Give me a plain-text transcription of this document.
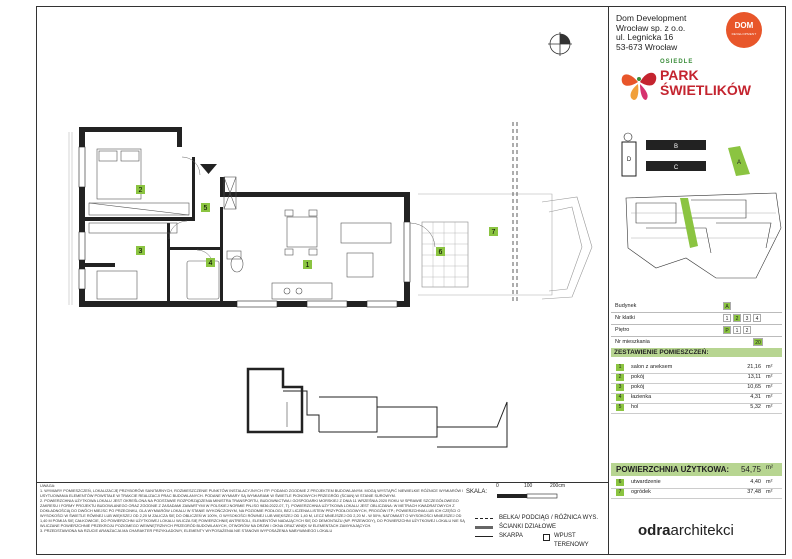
2
3
5
4	1
6
7
Dom Development
Wrocław sp. z o.o.
ul. Legnicka 16
53-673 Wrocław
DOM
DEVELOPMENT
OSIEDLE
PARK
ŚWIETLIKÓW
B
C
D	A
Budynek	A
Nr klatki	1	2	3	4
Piętro	P	1	2
Nr mieszkania	20
ZESTAWIENIE POMIESZCZEŃ:
1	salon z aneksem	21,16 m²
2	pokój	13,11 m²
3	pokój	10,65 m²
4	łazienka	4,31 m²
5	hol	5,32 m²
POWIERZCHNIA UŻYTKOWA:	54,75 m²
6	utwardzenie	4,40 m²
7	ogródek	37,48 m²

UWAGA:

1. WYMIARY POMIESZCZEŃ, LOKALIZACJĘ PRZYBORÓW SANITARNYCH, ROZMIESZCZENIE PUNKTÓW INSTALACYJNYCH ITP. PODANO ZGODNIE Z PROJEKTEM BUDOWLANYM. MOGĄ WYSTĄPIĆ NIEWIELKIE RÓŻNICE WYMIARÓW I USYTUOWANIA ELEMENTÓW POWSTAŁE W TRAKCIE REALIZACJI PRAC BUDOWLANYCH. PODANE WYMIARY SĄ WYMIARAMI W ŚWIETLE PIONOWYCH PRZEGRÓD (ŚCIAN) W STANIE SUROWYM.

2. POWIERZCHNIA UŻYTKOWA LOKALU JEST OKREŚLONA NA PODSTAWIE ROZPORZĄDZENIA MINISTRA TRANSPORTU, BUDOWNICTWA I GOSPODARKI MORSKIEJ Z DNIA 11 WRZEŚNIA 2020 ROKU W SPRAWIE SZCZEGÓŁOWEGO ZAKRESU I FORMY PROJEKTU BUDOWLANEGO ORAZ ZGODNIE Z ZASADAMI ZAWARTYMI W POLSKIEJ NORMIE PN-ISO 9836:2022-07, T). POWIERZCHNIA UŻYTKOWA LOKALU JEST OBLICZANA: W METRACH KWADRATOWYCH Z DOKŁADNOŚCIĄ DO DWÓCH MIEJSC PO PRZECINKU, DLA WYMIARÓW LOKALU W STANIE WYKOŃCZONYM, NA POZIOMIE PODŁOGI, BEZ LICZENIA LISTEW PRZYPODŁOGOWYCH, PROGÓW ITP.; POWIERZCHNIA LUB ICH CZĘŚCI O WYSOKOŚCI W ŚWIETLE RÓWNEJ LUB WIĘKSZEJ OD 2,20 M ZALICZA SIĘ DO OBLICZEŃ W 100%, O WYSOKOŚCI RÓWNEJ LUB WIĘKSZEJ OD 1,40 M, LECZ MNIEJSZEJ OD 2,20 M - W 50%, NATOMIAST O WYSOKOŚCI MNIEJSZEJ OD 1,40 M POMIJA SIĘ CAŁKOWICIE, DO POWIERZCHNI UŻYTKOWEJ LOKALU WLICZA SIĘ POWIERZCHNIĘ ANTRESOLI, ELEMENTÓW NADAJĄCYCH SIĘ DO DEMONTAŻU (NP. PRZEWODY), DO POWIERZCHNI UŻYTKOWEJ LOKALU NIE SĄ WLICZANE POWIERZCHNIE PRZEKROJU POZIOMEGO WEWNĘTRZNYCH PRZEGRÓD BUDOWLANYCH, OTWORÓW NA DRZWI I OKNA ORAZ WNĘK W ELEMENTACH ZAMYKAJĄCYCH.

3. PRZEDSTAWIONA NA RZUCIE ARANŻACJA MA CHARAKTER PRZYKŁADOWY, ELEMENTY WYPOSAŻENIA NIE STANOWI WYPOSAŻENIA NABYWANEGO LOKALU

SKALA:
0	100	200cm
BELKA/ PODCIĄG / RÓŻNICA WYS.
ŚCIANKI DZIAŁOWE
SKARPA	WPUST TERENOWY
odraarchitekci
